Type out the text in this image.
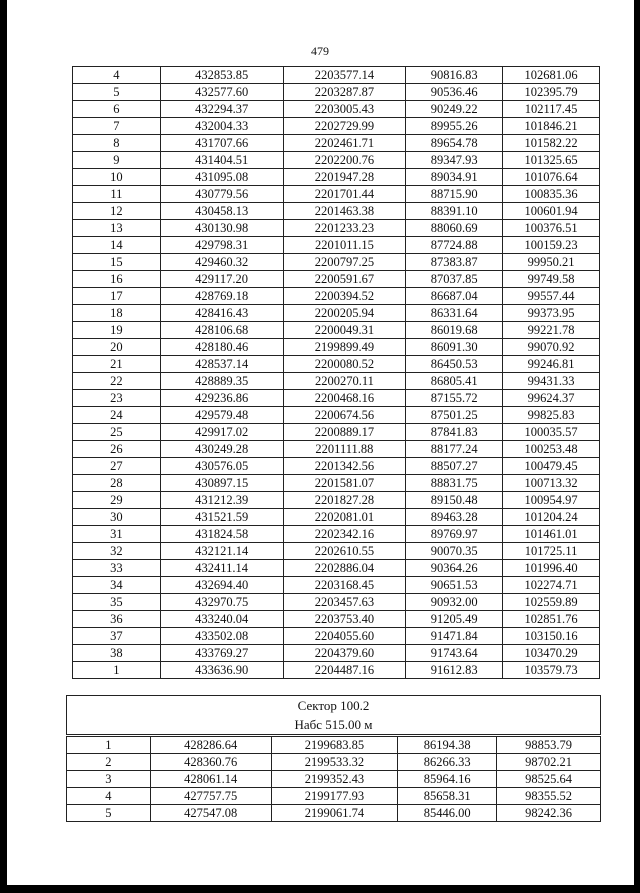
479
4	432853.85	2203577.14	90816.83	102681.06
5	432577.60	2203287.87	90536.46	102395.79
6	432294.37	2203005.43	90249.22	102117.45
7	432004.33	2202729.99	89955.26	101846.21
8	431707.66	2202461.71	89654.78	101582.22
9	431404.51	2202200.76	89347.93	101325.65
10	431095.08	2201947.28	89034.91	101076.64
11	430779.56	2201701.44	88715.90	100835.36
12	430458.13	2201463.38	88391.10	100601.94
13	430130.98	2201233.23	88060.69	100376.51
14	429798.31	2201011.15	87724.88	100159.23
15	429460.32	2200797.25	87383.87	99950.21
16	429117.20	2200591.67	87037.85	99749.58
17	428769.18	2200394.52	86687.04	99557.44
18	428416.43	2200205.94	86331.64	99373.95
19	428106.68	2200049.31	86019.68	99221.78
20	428180.46	2199899.49	86091.30	99070.92
21	428537.14	2200080.52	86450.53	99246.81
22	428889.35	2200270.11	86805.41	99431.33
23	429236.86	2200468.16	87155.72	99624.37
24	429579.48	2200674.56	87501.25	99825.83
25	429917.02	2200889.17	87841.83	100035.57
26	430249.28	2201111.88	88177.24	100253.48
27	430576.05	2201342.56	88507.27	100479.45
28	430897.15	2201581.07	88831.75	100713.32
29	431212.39	2201827.28	89150.48	100954.97
30	431521.59	2202081.01	89463.28	101204.24
31	431824.58	2202342.16	89769.97	101461.01
32	432121.14	2202610.55	90070.35	101725.11
33	432411.14	2202886.04	90364.26	101996.40
34	432694.40	2203168.45	90651.53	102274.71
35	432970.75	2203457.63	90932.00	102559.89
36	433240.04	2203753.40	91205.49	102851.76
37	433502.08	2204055.60	91471.84	103150.16
38	433769.27	2204379.60	91743.64	103470.29
1	433636.90	2204487.16	91612.83	103579.73
Сектор 100.2
Набс 515.00 м
1	428286.64	2199683.85	86194.38	98853.79
2	428360.76	2199533.32	86266.33	98702.21
3	428061.14	2199352.43	85964.16	98525.64
4	427757.75	2199177.93	85658.31	98355.52
5	427547.08	2199061.74	85446.00	98242.36
